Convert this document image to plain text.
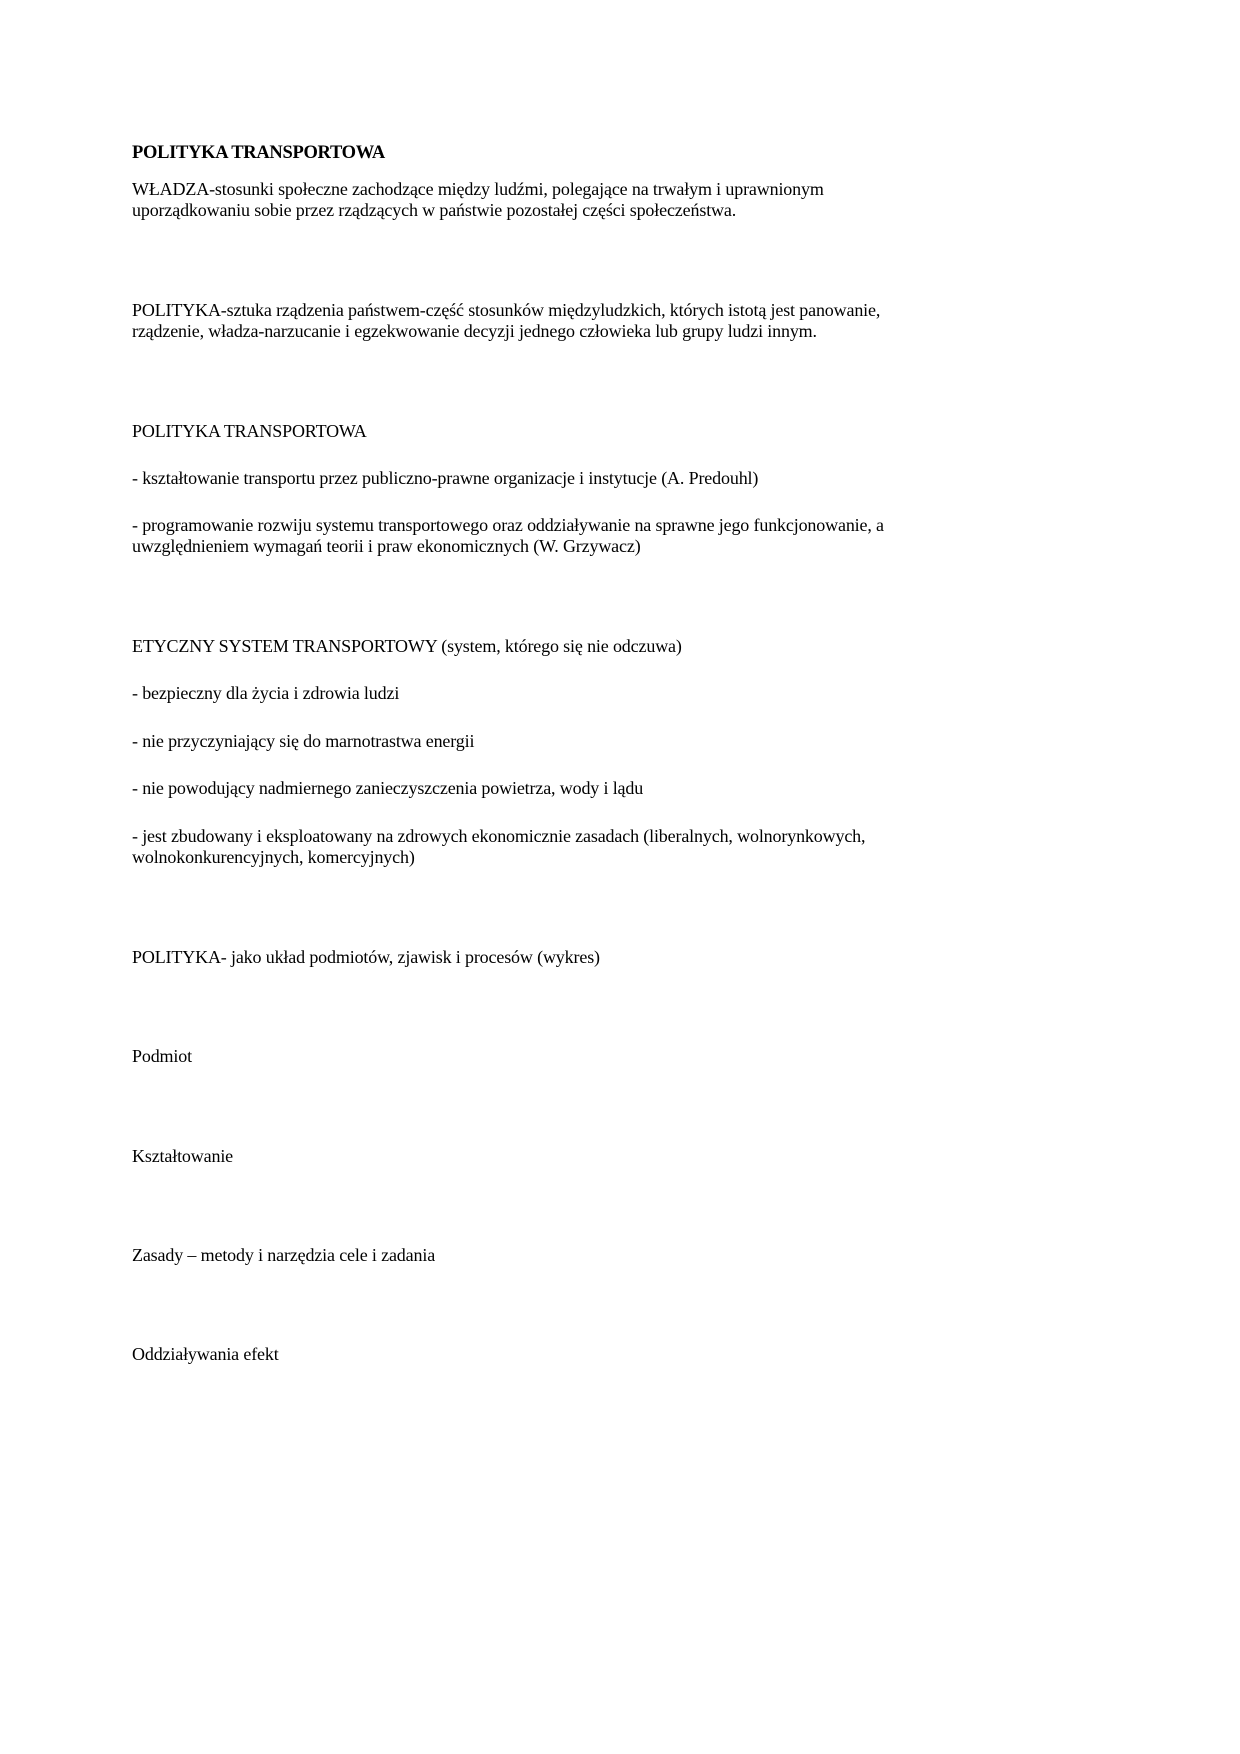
POLITYKA TRANSPORTOWA
WŁADZA-stosunki społeczne zachodzące między ludźmi, polegające na trwałym i uprawnionym
uporządkowaniu sobie przez rządzących w państwie pozostałej części społeczeństwa.
POLITYKA-sztuka rządzenia państwem-część stosunków międzyludzkich, których istotą jest panowanie,
rządzenie, władza-narzucanie i egzekwowanie decyzji jednego człowieka lub grupy ludzi innym.
POLITYKA TRANSPORTOWA
- kształtowanie transportu przez publiczno-prawne organizacje i instytucje (A. Predouhl)
- programowanie rozwiju systemu transportowego oraz oddziaływanie na sprawne jego funkcjonowanie, a
uwzględnieniem wymagań teorii i praw ekonomicznych (W. Grzywacz)
ETYCZNY SYSTEM TRANSPORTOWY (system, którego się nie odczuwa)
- bezpieczny dla życia i zdrowia ludzi
- nie przyczyniający się do marnotrastwa energii
- nie powodujący nadmiernego zanieczyszczenia powietrza, wody i lądu
- jest zbudowany i eksploatowany na zdrowych ekonomicznie zasadach (liberalnych, wolnorynkowych,
wolnokonkurencyjnych, komercyjnych)
POLITYKA- jako układ podmiotów, zjawisk i procesów (wykres)
Podmiot
Kształtowanie
Zasady – metody i narzędzia cele i zadania
Oddziaływania efekt
